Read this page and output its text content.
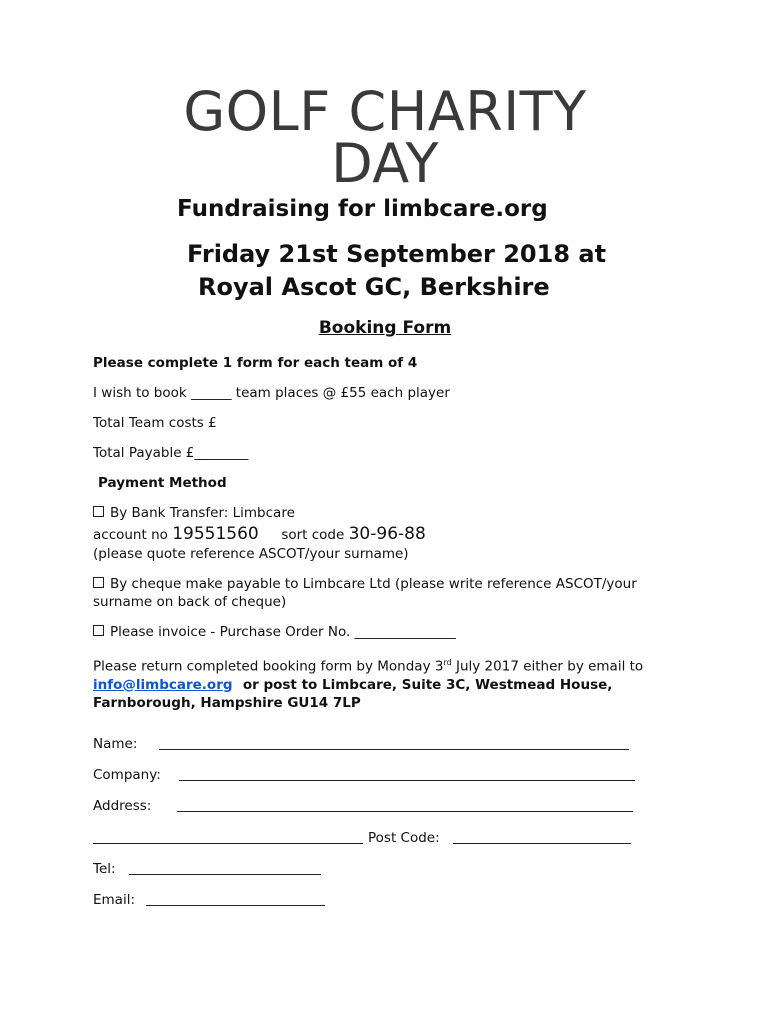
GOLF CHARITY
DAY
Fundraising for limbcare.org
Friday 21st September 2018 at
Royal Ascot GC, Berkshire
Booking Form
Please complete 1 form for each team of 4
I wish to book ______ team places @ £55 each player
Total Team costs £
Total Payable £________
Payment Method
By Bank Transfer: Limbcare
account no 19551560 sort code 30-96-88
(please quote reference ASCOT/your surname)
By cheque make payable to Limbcare Ltd (please write reference ASCOT/your surname on back of cheque)
Please invoice - Purchase Order No. _______________
Please return completed booking form by Monday 3rd July 2017 either by email to info@limbcare.org or post to Limbcare, Suite 3C, Westmead House, Farnborough, Hampshire GU14 7LP
Name:
Company:
Address:
Post Code:
Tel:
Email:
